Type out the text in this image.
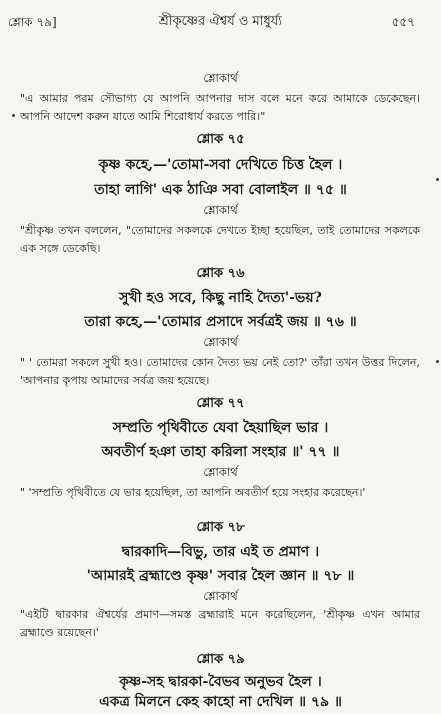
শ্লোক ৭৯]	শ্রীকৃষ্ণের ঐশ্বর্য ও মাধুর্য্য	৫৫৭
শ্লোকার্থ
"এ আমার পরম সৌভাগ্য যে আপনি আপনার দাস বলে মনে করে আমাকে ডেকেছেন। আপনি আদেশ করুন যাতে আমি শিরোধার্য করতে পারি।"
শ্লোক ৭৫
কৃষ্ণ কহে,—'তোমা-সবা দেখিতে চিত্ত হৈল ।
তাহা লাগি' এক ঠাঞি সবা বোলাইল ॥ ৭৫ ॥
শ্লোকার্থ
"শ্রীকৃষ্ণ তখন বললেন, "তোমাদের সকলকে দেখতে ইচ্ছা হয়েছিল, তাই তোমাদের সকলকে এক সঙ্গে ডেকেছি।
শ্লোক ৭৬
সুখী হও সবে, কিছু নাহি দৈত্য'-ভয়?
তারা কহে,—'তোমার প্রসাদে সর্বত্রই জয় ॥ ৭৬ ॥
শ্লোকার্থ
" ' তোমরা সকলে সুখী হও। তোমাদের কোন দৈত্য ভয় নেই তো?' তাঁরা তখন উত্তর দিলেন, 'আপনার কৃপায় আমাদের সর্বত্র জয় হয়েছে।
শ্লোক ৭৭
সম্প্রতি পৃথিবীতে যেবা হৈয়াছিল ভার ।
অবতীর্ণ হঞা তাহা করিলা সংহার ॥' ৭৭ ॥
শ্লোকার্থ
" 'সম্প্রতি পৃথিবীতে যে ভার হয়েছিল, তা আপনি অবতীর্ণ হয়ে সংহার করেছেন।'
শ্লোক ৭৮
দ্বারকাদি—বিভু, তার এই ত প্রমাণ ।
'আমারই ব্রহ্মাণ্ডে কৃষ্ণ' সবার হৈল জ্ঞান ॥ ৭৮ ॥
শ্লোকার্থ
"এইটি দ্বারকার ঐশ্বর্যের প্রমাণ—সমস্ত ব্রহ্মারাই মনে করেছিলেন, 'শ্রীকৃষ্ণ এখন আমার ব্রহ্মাণ্ডে রয়েছেন।'
শ্লোক ৭৯
কৃষ্ণ-সহ দ্বারকা-বৈভব অনুভব হৈল ।
একত্র মিলনে কেহ কাহো না দেখিল ॥ ৭৯ ॥
